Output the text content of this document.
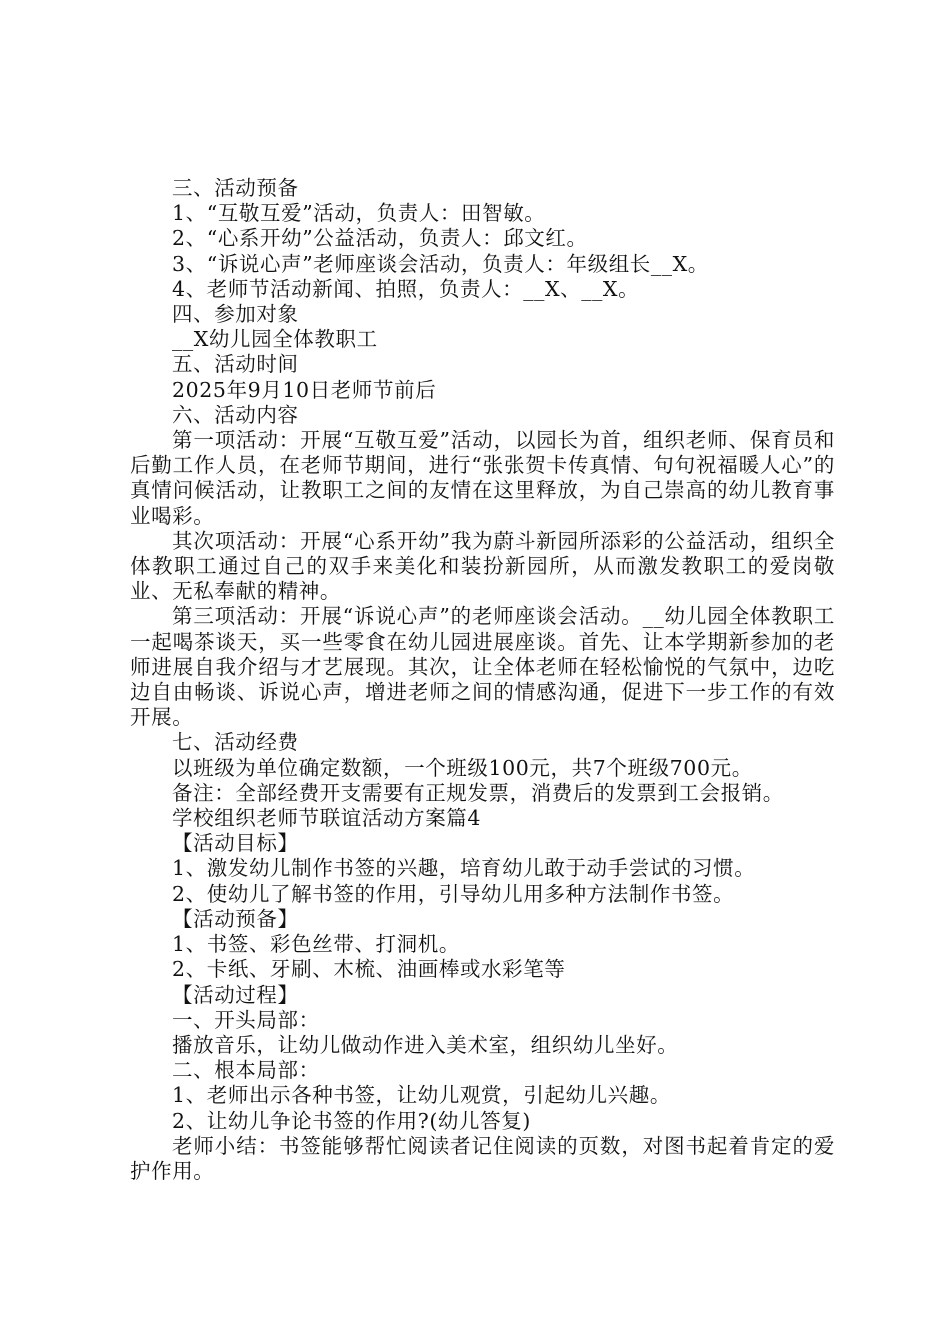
三、活动预备
1、“互敬互爱”活动，负责人：田智敏。
2、“心系开幼”公益活动，负责人：邱文红。
3、“诉说心声”老师座谈会活动，负责人：年级组长__X。
4、老师节活动新闻、拍照，负责人：__X、__X。
四、参加对象
__X幼儿园全体教职工
五、活动时间
2025年9月10日老师节前后
六、活动内容
第一项活动：开展“互敬互爱”活动，以园长为首，组织老师、保育员和后勤工作人员，在老师节期间，进行“张张贺卡传真情、句句祝福暖人心”的真情问候活动，让教职工之间的友情在这里释放，为自己崇高的幼儿教育事业喝彩。
其次项活动：开展“心系开幼”我为蔚斗新园所添彩的公益活动，组织全体教职工通过自己的双手来美化和装扮新园所，从而激发教职工的爱岗敬业、无私奉献的精神。
第三项活动：开展“诉说心声”的老师座谈会活动。__幼儿园全体教职工一起喝茶谈天，买一些零食在幼儿园进展座谈。首先、让本学期新参加的老师进展自我介绍与才艺展现。其次，让全体老师在轻松愉悦的气氛中，边吃边自由畅谈、诉说心声，增进老师之间的情感沟通，促进下一步工作的有效开展。
七、活动经费
以班级为单位确定数额，一个班级100元，共7个班级700元。
备注：全部经费开支需要有正规发票，消费后的发票到工会报销。
学校组织老师节联谊活动方案篇4
【活动目标】
1、激发幼儿制作书签的兴趣，培育幼儿敢于动手尝试的习惯。
2、使幼儿了解书签的作用，引导幼儿用多种方法制作书签。
【活动预备】
1、书签、彩色丝带、打洞机。
2、卡纸、牙刷、木梳、油画棒或水彩笔等
【活动过程】
一、开头局部：
播放音乐，让幼儿做动作进入美术室，组织幼儿坐好。
二、根本局部：
1、老师出示各种书签，让幼儿观赏，引起幼儿兴趣。
2、让幼儿争论书签的作用?(幼儿答复)
老师小结：书签能够帮忙阅读者记住阅读的页数，对图书起着肯定的爱护作用。
